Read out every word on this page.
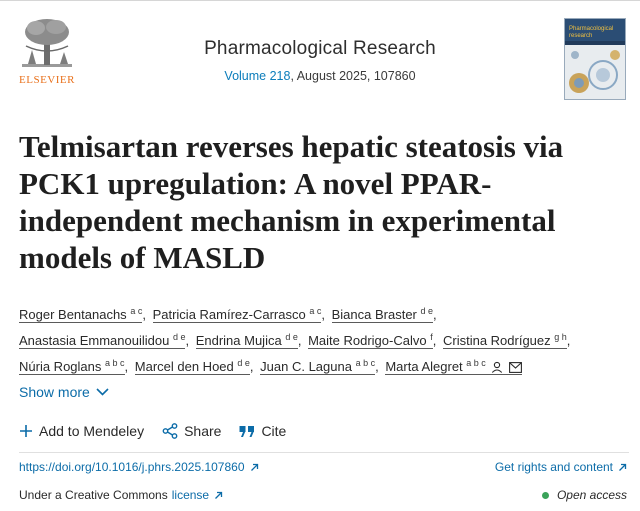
ELSEVIER
Pharmacological Research
Volume 218, August 2025, 107860
Pharmacological research
Telmisartan reverses hepatic steatosis via PCK1 upregulation: A novel PPAR-independent mechanism in experimental models of MASLD
Roger Bentanachs $^{a c}$, Patricia Ramírez-Carrasco $^{a c}$, Bianca Braster $^{d e}$,
Anastasia Emmanouilidou $^{d e}$, Endrina Mujica $^{d e}$, Maite Rodrigo-Calvo $^f$, Cristina Rodríguez $^{g h}$,
Núria Roglans $^{a b c}$, Marcel den Hoed $^{d e}$, Juan C. Laguna $^{a b c}$, Marta Alegret $^{a b c}$
Show more
Add to Mendeley	Share	Cite
https://doi.org/10.1016/j.phrs.2025.107860	Get rights and content
Under a Creative Commons license	Open access
